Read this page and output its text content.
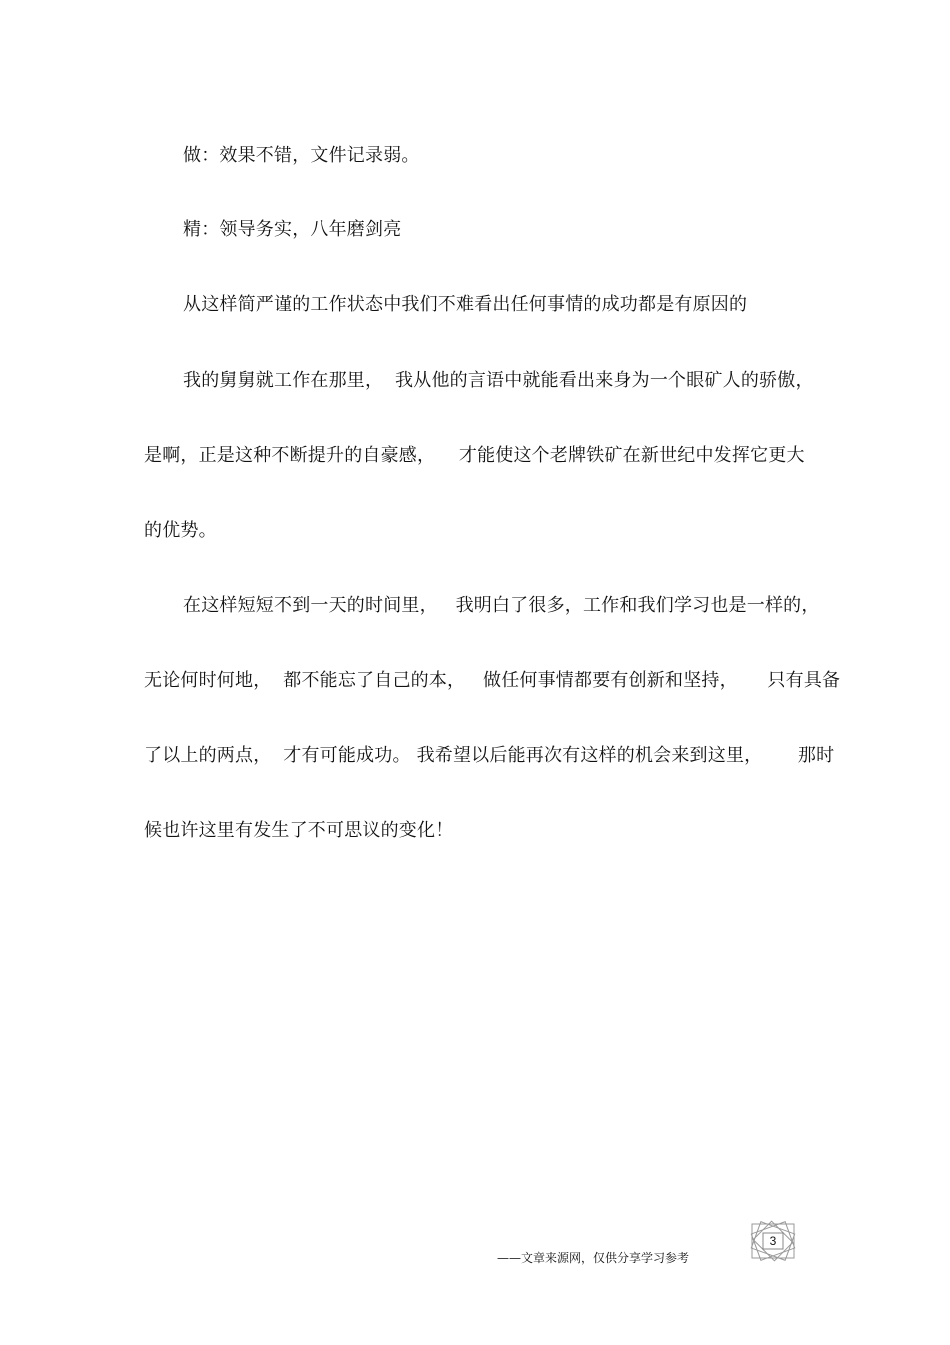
做：效果不错，文件记录弱。
精：领导务实，八年磨剑亮
从这样简严谨的工作状态中我们不难看出任何事情的成功都是有原因的
我的舅舅就工作在那里，  我从他的言语中就能看出来身为一个眼矿人的骄傲，
是啊，正是这种不断提升的自豪感，    才能使这个老牌铁矿在新世纪中发挥它更大
的优势。
在这样短短不到一天的时间里，   我明白了很多，工作和我们学习也是一样的，
无论何时何地，  都不能忘了自己的本，   做任何事情都要有创新和坚持，     只有具备
了以上的两点，  才有可能成功。 我希望以后能再次有这样的机会来到这里，      那时
候也许这里有发生了不可思议的变化！
——文章来源网，仅供分享学习参考
3
